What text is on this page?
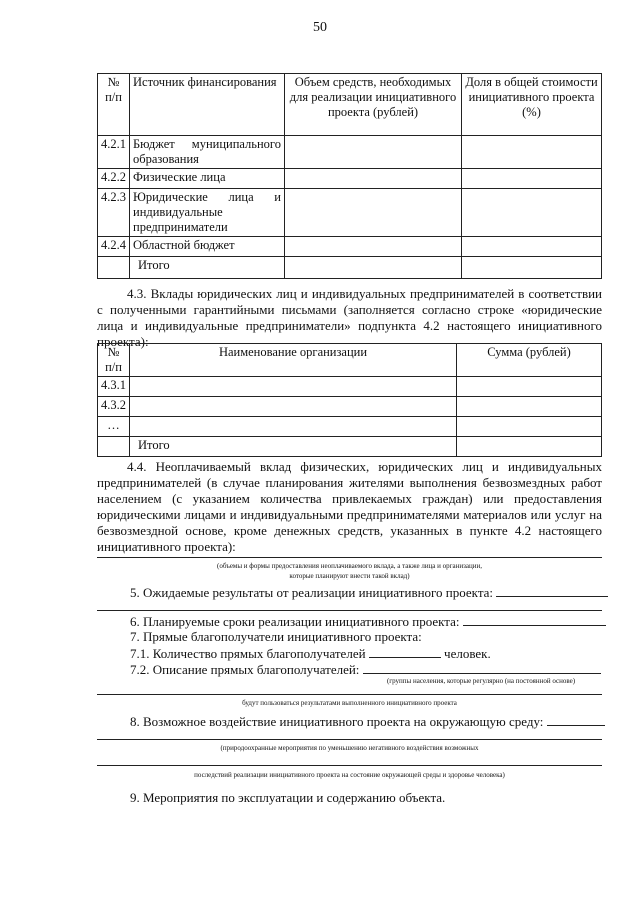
50
№ п/п	Источник финансирования	Объем средств, необходимых для реализации инициативного проекта (рублей)	Доля в общей стоимости инициативного проекта (%)
4.2.1	Бюджет муниципального образования		
4.2.2	Физические лица		
4.2.3	Юридические лица и индивидуальные предприниматели		
4.2.4	Областной бюджет		
	Итого		
4.3. Вклады юридических лиц и индивидуальных предпринимателей в соответствии с полученными гарантийными письмами (заполняется согласно строке «юридические лица и индивидуальные предприниматели» подпункта 4.2 настоящего инициативного проекта):
№ п/п	Наименование организации	Сумма (рублей)
4.3.1		
4.3.2		
…		
	Итого	
4.4. Неоплачиваемый вклад физических, юридических лиц и индивидуальных предпринимателей (в случае планирования жителями выполнения безвозмездных работ населением (с указанием количества привлекаемых граждан) или предоставления юридическими лицами и индивидуальными предпринимателями материалов или услуг на безвозмездной основе, кроме денежных средств, указанных в пункте 4.2 настоящего инициативного проекта):
(объемы и формы предоставления неоплачиваемого вклада, а также лица и организации,
которые планируют внести такой вклад)
5. Ожидаемые результаты от реализации инициативного проекта:
6. Планируемые сроки реализации инициативного проекта:
7. Прямые благополучатели инициативного проекта:
7.1. Количество прямых благополучателей	человек.
7.2. Описание прямых благополучателей:
(группы населения, которые регулярно (на постоянной основе)
будут пользоваться результатами выполненного инициативного проекта
8. Возможное воздействие инициативного проекта на окружающую среду:
(природоохранные мероприятия по уменьшению негативного воздействия возможных
последствий реализации инициативного проекта на состояние окружающей среды и здоровье человека)
9. Мероприятия по эксплуатации и содержанию объекта.
